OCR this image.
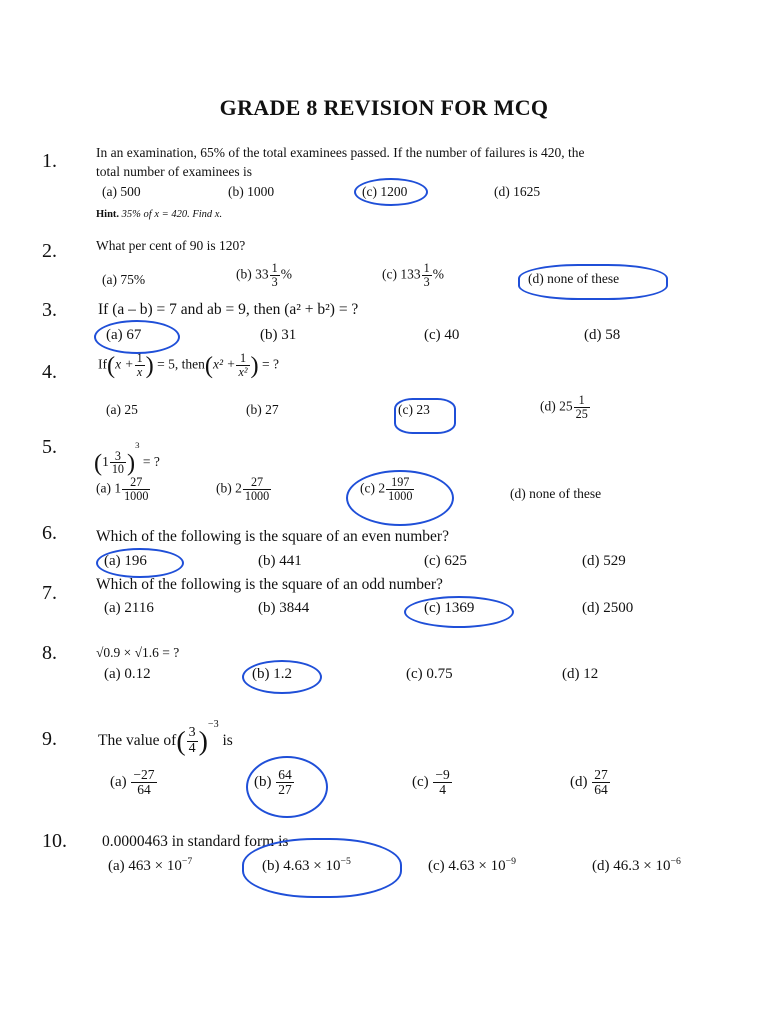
GRADE 8 REVISION FOR MCQ
1.	In an examination, 65% of the total examinees passed. If the number of failures is 420, the
total number of examinees is
(a) 500	(b) 1000	(c) 1200	(d) 1625
Hint. 35% of x = 420. Find x.
2.	What per cent of 90 is 120?
(a) 75%	(b) $33 \frac{1}{3}$ %	(c) $133 \frac{1}{3}$ %	(d) none of these
3.	If (a – b) = 7 and ab = 9, then (a² + b²) = ?
(a) 67	(b) 31	(c) 40	(d) 58
4.	$If(x + \frac{1}{x}$ ) = 5, then(x² + $\frac{1}{\text{x²}}$ ) = ?
(a) 25	(b) 27	(c) 23	(d) $25 \frac{1}{25}$
5.
$(1 \frac{3}{10} )^3$ = ?
(a) $1 \frac{27}{1000}$	(b) $2 \frac{27}{1000}$	(c) $2 \frac{197}{1000}$	(d) none of these
6.	Which of the following is the square of an even number?
(a) 196	(b) 441	(c) 625	(d) 529
7.	Which of the following is the square of an odd number?
(a) 2116	(b) 3844	(c) 1369	(d) 2500
8.	√0.9 × √1.6 = ?
(a) 0.12	(b) 1.2	(c) 0.75	(d) 12
9.	The value $of( \frac{3}{4} )^{-3}$ is
$(a) \frac{-27}{64}$	$(b) \frac{64}{27}$	$(c) \frac{-9}{4}$	$(d) \frac{27}{64}$
10. 0.0000463 in standard form is
(a) $463 \times 10^{-7}$	(b) $4.63 \times 10^{-5}$	(c) $4.63 \times 10^{-9}$	(d) $46.3 \times 10^{-6}$
